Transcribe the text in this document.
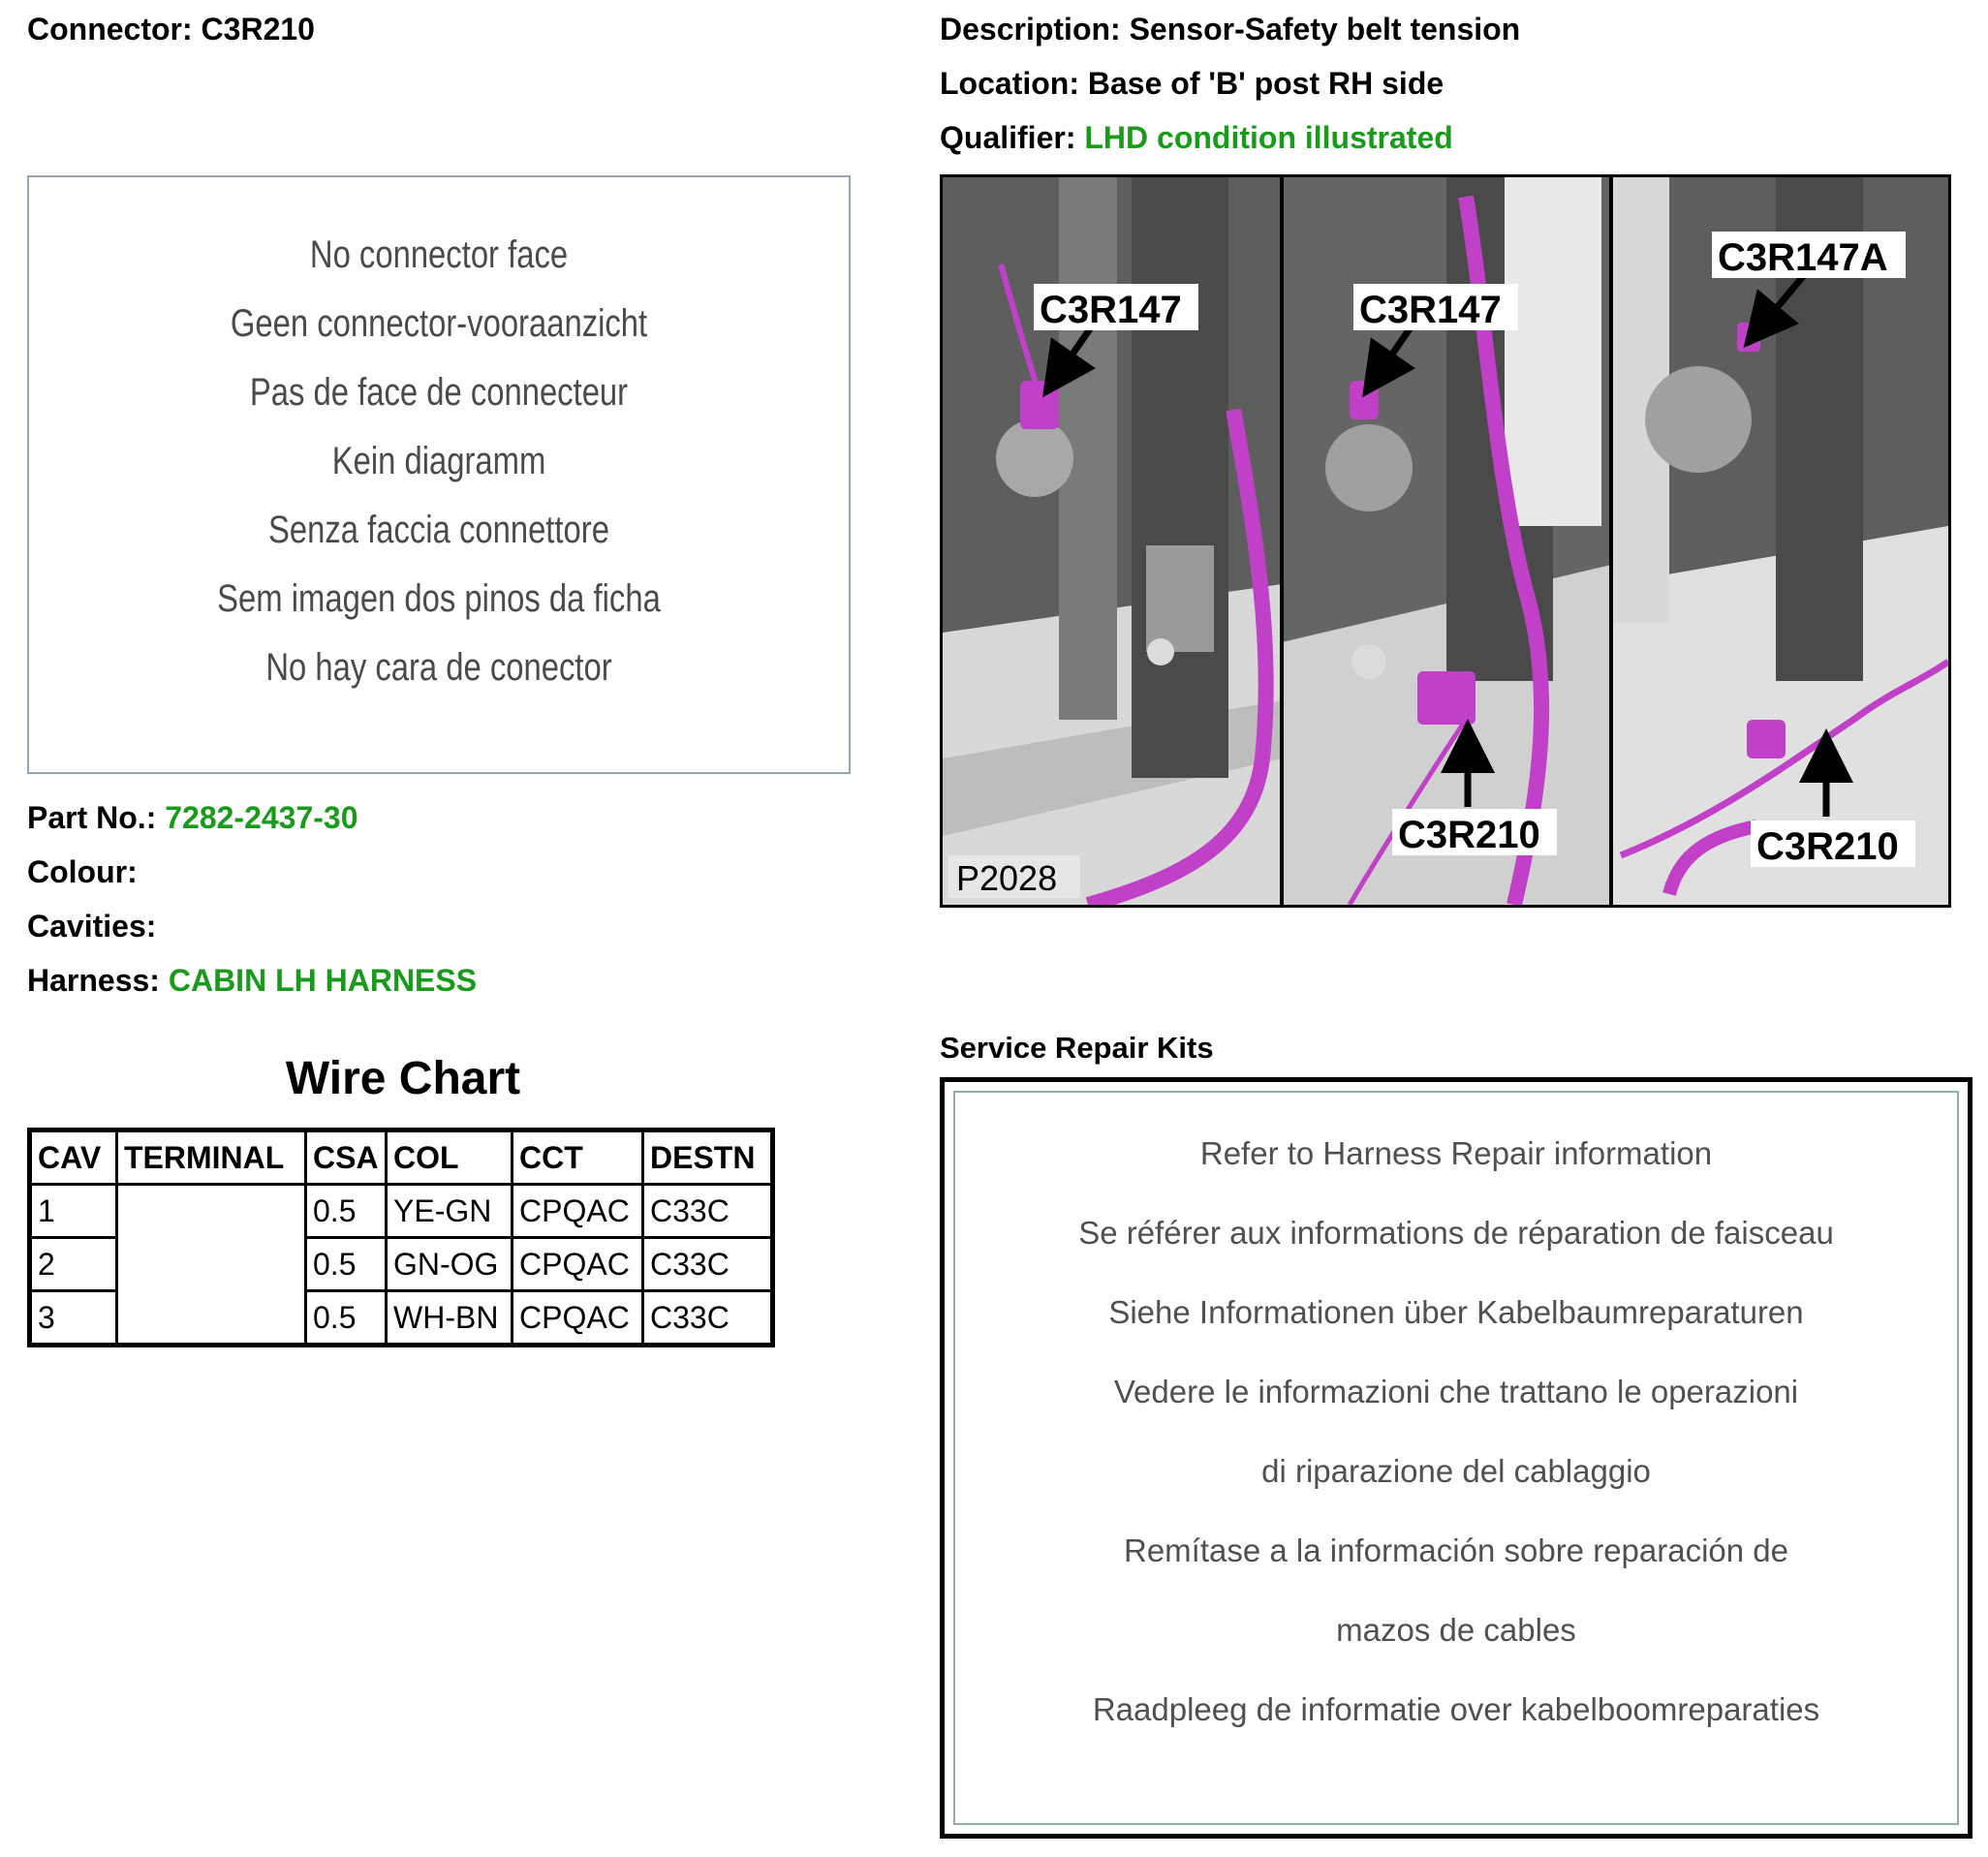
Connector: C3R210	Description: Sensor-Safety belt tension
Location: Base of 'B' post RH side
Qualifier: LHD condition illustrated
No connector face
Geen connector-vooraanzicht
Pas de face de connecteur
Kein diagramm
Senza faccia connettore
Sem imagen dos pinos da ficha
No hay cara de conector
Part No.: 7282-2437-30
Colour:
Cavities:
Harness: CABIN LH HARNESS
Wire Chart
CAV	TERMINAL	CSA	COL	CCT	DESTN
1		0.5	YE-GN	CPQAC	C33C
2		0.5	GN-OG	CPQAC	C33C
3		0.5	WH-BN	CPQAC	C33C
C3R147	C3R147
C3R147A
C3R210	C3R210
P2028
Service Repair Kits
Refer to Harness Repair information
Se référer aux informations de réparation de faisceau
Siehe Informationen über Kabelbaumreparaturen
Vedere le informazioni che trattano le operazioni
di riparazione del cablaggio
Remítase a la información sobre reparación de
mazos de cables
Raadpleeg de informatie over kabelboomreparaties
